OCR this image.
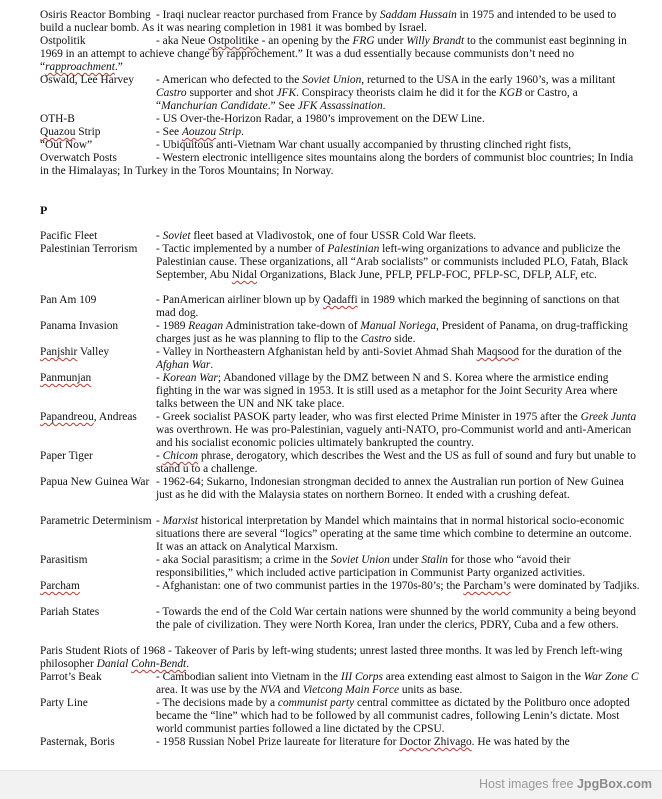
Osiris Reactor Bombing - Iraqi nuclear reactor purchased from France by Saddam Hussain in 1975 and intended to be used to build a nuclear bomb. As it was nearing completion in 1981 it was bombed by Israel.
Ostpolitik	- aka Neue Ostpolitike - an opening by the FRG under Willy Brandt to the communist east beginning in 1969 in an attempt to achieve change by rapprochement.” It was a dud essentially because communists don’t need no “rapproachment.”
Oswald, Lee Harvey - American who defected to the Soviet Union, returned to the USA in the early 1960’s, was a militant Castro supporter and shot JFK. Conspiracy theorists claim he did it for the KGB or Castro, a “Manchurian Candidate.” See JFK Assassination.
OTH-B	- US Over-the-Horizon Radar, a 1980’s improvement on the DEW Line.
Quazou Strip	- See Aouzou Strip.
“Out Now”	- Ubiquitous anti-Vietnam War chant usually accompanied by thrusting clinched right fists,
Overwatch Posts	- Western electronic intelligence sites mountains along the borders of communist bloc countries; In India in the Himalayas; In Turkey in the Toros Mountains; In Norway.
P
Pacific Fleet	- Soviet fleet based at Vladivostok, one of four USSR Cold War fleets.
Palestinian Terrorism - Tactic implemented by a number of Palestinian left-wing organizations to advance and publicize the Palestinian cause. These organizations, all “Arab socialists” or communists included PLO, Fatah, Black September, Abu Nidal Organizations, Black June, PFLP, PFLP-FOC, PFLP-SC, DFLP, ALF, etc.
Pan Am 109	- PanAmerican airliner blown up by Qadaffi in 1989 which marked the beginning of sanctions on that mad dog.
Panama Invasion	- 1989 Reagan Administration take-down of Manual Noriega, President of Panama, on drug-trafficking charges just as he was planning to flip to the Castro side.
Panjshir Valley	- Valley in Northeastern Afghanistan held by anti-Soviet Ahmad Shah Maqsood for the duration of the Afghan War.
Panmunjan	- Korean War; Abandoned village by the DMZ between N and S. Korea where the armistice ending fighting in the war was signed in 1953. It is still used as a metaphor for the Joint Security Area where talks between the UN and NK take place.
Papandreou, Andreas - Greek socialist PASOK party leader, who was first elected Prime Minister in 1975 after the Greek Junta was overthrown. He was pro-Palestinian, vaguely anti-NATO, pro-Communist world and anti-American and his socialist economic policies ultimately bankrupted the country.
Paper Tiger	- Chicom phrase, derogatory, which describes the West and the US as full of sound and fury but unable to stand u to a challenge.
Papua New Guinea War - 1962-64; Sukarno, Indonesian strongman decided to annex the Australian run portion of New Guinea just as he did with the Malaysia states on northern Borneo. It ended with a crushing defeat.
Parametric Determinism - Marxist historical interpretation by Mandel which maintains that in normal historical socio-economic situations there are several “logics” operating at the same time which combine to determine an outcome. It was an attack on Analytical Marxism.
Parasitism	- aka Social parasitism; a crime in the Soviet Union under Stalin for those who “avoid their responsibilities,” which included active participation in Communist Party organized activities.
Parcham	- Afghanistan: one of two communist parties in the 1970s-80’s; the Parcham’s were dominated by Tadjiks.
Pariah States	- Towards the end of the Cold War certain nations were shunned by the world community a being beyond the pale of civilization. They were North Korea, Iran under the clerics, PDRY, Cuba and a few others.
Paris Student Riots of 1968 - Takeover of Paris by left-wing students; unrest lasted three months. It was led by French left-wing philosopher Danial Cohn-Bendt.
Parrot’s Beak	- Cambodian salient into Vietnam in the III Corps area extending east almost to Saigon in the War Zone C area. It was use by the NVA and Vietcong Main Force units as base.
Party Line	- The decisions made by a communist party central committee as dictated by the Politburo once adopted became the “line” which had to be followed by all communist cadres, following Lenin’s dictate. Most world communist parties followed a line dictated by the CPSU.
Pasternak, Boris	- 1958 Russian Nobel Prize laureate for literature for Doctor Zhivago. He was hated by the
Host images free JpgBox.com
